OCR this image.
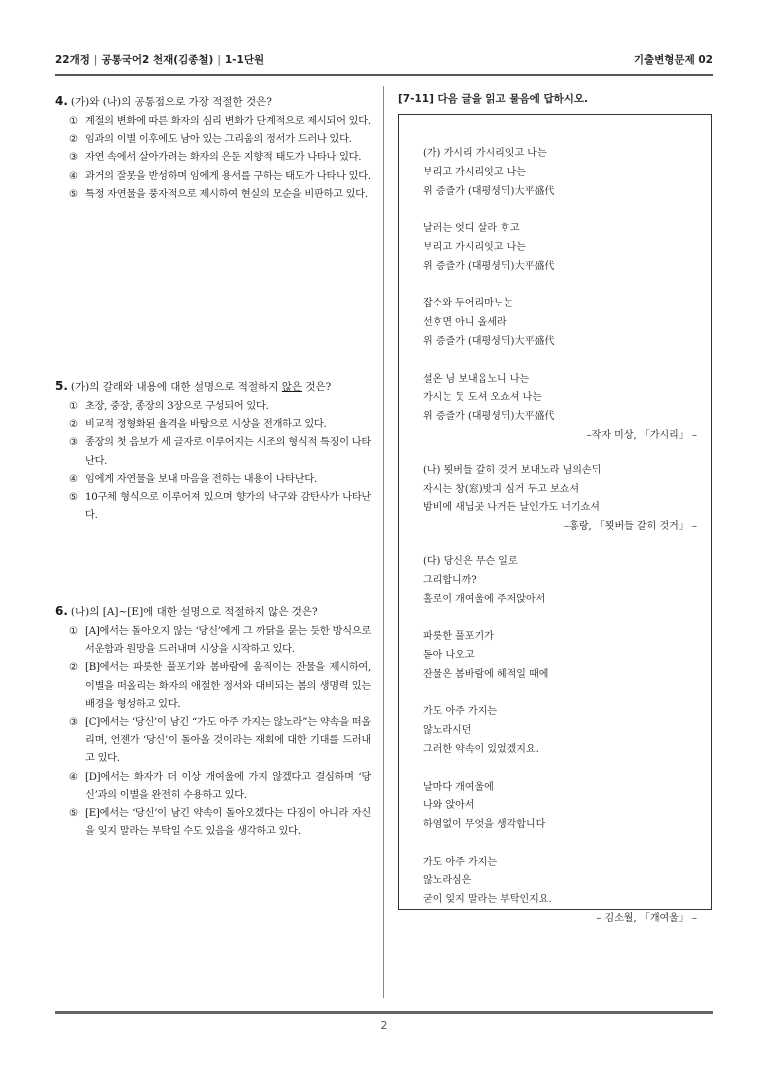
22개정 | 공통국어2 천재(김종철) | 1-1단원	기출변형문제 02
4. (가)와 (나)의 공통점으로 가장 적절한 것은?
① 계절의 변화에 따른 화자의 심리 변화가 단계적으로 제시되어 있다.
② 임과의 이별 이후에도 남아 있는 그리움의 정서가 드러나 있다.
③ 자연 속에서 살아가려는 화자의 은둔 지향적 태도가 나타나 있다.
④ 과거의 잘못을 반성하며 임에게 용서를 구하는 태도가 나타나 있다.
⑤ 특정 자연물을 풍자적으로 제시하여 현실의 모순을 비판하고 있다.
5. (가)의 갈래와 내용에 대한 설명으로 적절하지 않은 것은?
① 초장, 중장, 종장의 3장으로 구성되어 있다.
② 비교적 정형화된 율격을 바탕으로 시상을 전개하고 있다.
③ 종장의 첫 음보가 세 글자로 이루어지는 시조의 형식적 특징이 나타난다.
④ 임에게 자연물을 보내 마음을 전하는 내용이 나타난다.
⑤ 10구체 형식으로 이루어져 있으며 향가의 낙구와 감탄사가 나타난다.
6. (나)의 [A]~[E]에 대한 설명으로 적절하지 않은 것은?
① [A]에서는 돌아오지 않는 ‘당신’에게 그 까닭을 묻는 듯한 방식으로 서운함과 원망을 드러내며 시상을 시작하고 있다.
② [B]에서는 파릇한 풀포기와 봄바람에 움직이는 잔물을 제시하여, 이별을 떠올리는 화자의 애절한 정서와 대비되는 봄의 생명력 있는 배경을 형성하고 있다.
③ [C]에서는 ‘당신’이 남긴 “가도 아주 가지는 않노라”는 약속을 떠올리며, 언젠가 ‘당신’이 돌아올 것이라는 재회에 대한 기대를 드러내고 있다.
④ [D]에서는 화자가 더 이상 개여울에 가지 않겠다고 결심하며 ‘당신’과의 이별을 완전히 수용하고 있다.
⑤ [E]에서는 ‘당신’이 남긴 약속이 돌아오겠다는 다짐이 아니라 자신을 잊지 말라는 부탁일 수도 있음을 생각하고 있다.
[7-11] 다음 글을 읽고 물음에 답하시오.
(가) 가시리 가시리잇고 나는
ᄇᆞ리고 가시리잇고 나는
위 증즐가 (대평셩ᄃᆡ)大平盛代
날러는 엇디 살라 ᄒᆞ고
ᄇᆞ리고 가시리잇고 나는
위 증즐가 (대평셩ᄃᆡ)大平盛代
잡ᄉᆞ와 두어리마ᄂᆞᄂᆞᆫ
선ᄒᆞ면 아니 올세라
위 증즐가 (대평셩ᄃᆡ)大平盛代
셜온 님 보내ᄋᆞᆸ노니 나는
가시ᄂᆞᆫ ᄃᆞᆺ 도셔 오쇼셔 나는
위 증즐가 (대평셩ᄃᆡ)大平盛代
–작자 미상, 「가시리」 –
(나) 묏버들 갈히 것거 보내노라 님의손ᄃᆡ
자시는 창(窓)밧긔 심거 두고 보쇼셔
밤비에 새닙곳 나거든 날인가도 너기쇼셔
–홍랑, 「묏버들 갈히 것거」 –
(다) 당신은 무슨 일로
그리합니까?
홀로이 개여울에 주저앉아서
파릇한 풀포기가
돋아 나오고
잔물은 봄바람에 헤적일 때에
가도 아주 가지는
않노라시던
그러한 약속이 있었겠지요.
날마다 개여울에
나와 앉아서
하염없이 무엇을 생각합니다
가도 아주 가지는
않노라심은
굳이 잊지 말라는 부탁인지요.
– 김소월, 「개여울」 –
2
